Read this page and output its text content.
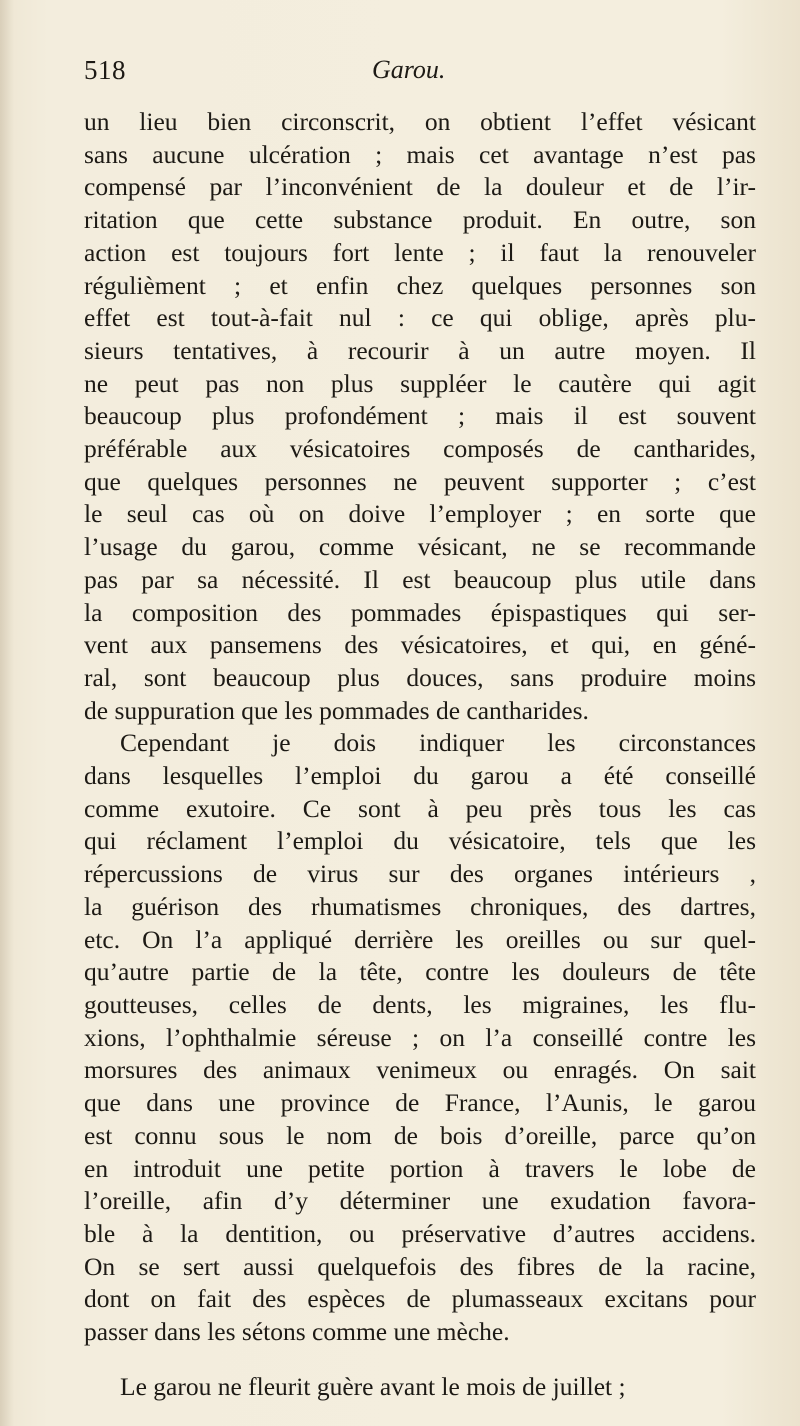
518	Garou.
un lieu bien circonscrit, on obtient l’effet vésicant
sans aucune ulcération ; mais cet avantage n’est pas
compensé par l’inconvénient de la douleur et de l’ir-
ritation que cette substance produit. En outre, son
action est toujours fort lente ; il faut la renouveler
régulièment ; et enfin chez quelques personnes son
effet est tout-à-fait nul : ce qui oblige, après plu-
sieurs tentatives, à recourir à un autre moyen. Il
ne peut pas non plus suppléer le cautère qui agit
beaucoup plus profondément ; mais il est souvent
préférable aux vésicatoires composés de cantharides,
que quelques personnes ne peuvent supporter ; c’est
le seul cas où on doive l’employer ; en sorte que
l’usage du garou, comme vésicant, ne se recommande
pas par sa nécessité. Il est beaucoup plus utile dans
la composition des pommades épispastiques qui ser-
vent aux pansemens des vésicatoires, et qui, en géné-
ral, sont beaucoup plus douces, sans produire moins
de suppuration que les pommades de cantharides.
Cependant je dois indiquer les circonstances
dans lesquelles l’emploi du garou a été conseillé
comme exutoire. Ce sont à peu près tous les cas
qui réclament l’emploi du vésicatoire, tels que les
répercussions de virus sur des organes intérieurs ,
la guérison des rhumatismes chroniques, des dartres,
etc. On l’a appliqué derrière les oreilles ou sur quel-
qu’autre partie de la tête, contre les douleurs de tête
goutteuses, celles de dents, les migraines, les flu-
xions, l’ophthalmie séreuse ; on l’a conseillé contre les
morsures des animaux venimeux ou enragés. On sait
que dans une province de France, l’Aunis, le garou
est connu sous le nom de bois d’oreille, parce qu’on
en introduit une petite portion à travers le lobe de
l’oreille, afin d’y déterminer une exudation favora-
ble à la dentition, ou préservative d’autres accidens.
On se sert aussi quelquefois des fibres de la racine,
dont on fait des espèces de plumasseaux excitans pour
passer dans les sétons comme une mèche.
Le garou ne fleurit guère avant le mois de juillet ;
